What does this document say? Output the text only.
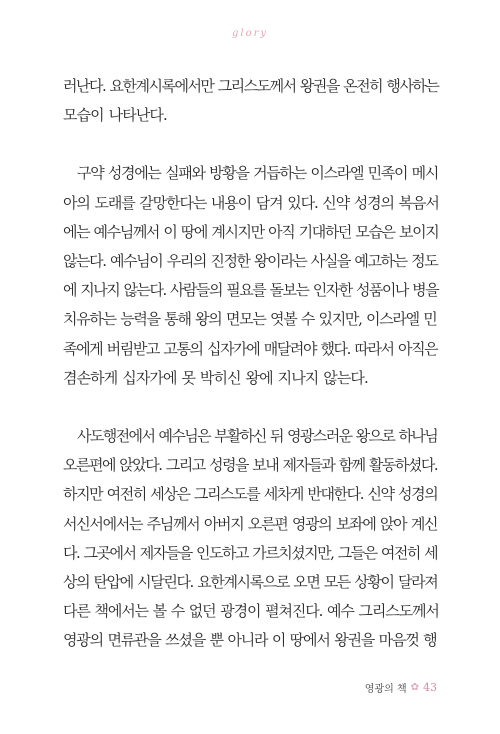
glory
러난다. 요한계시록에서만 그리스도께서 왕권을 온전히 행사하는
모습이 나타난다.
구약 성경에는 실패와 방황을 거듭하는 이스라엘 민족이 메시
아의 도래를 갈망한다는 내용이 담겨 있다. 신약 성경의 복음서
에는 예수님께서 이 땅에 계시지만 아직 기대하던 모습은 보이지
않는다. 예수님이 우리의 진정한 왕이라는 사실을 예고하는 정도
에 지나지 않는다. 사람들의 필요를 돌보는 인자한 성품이나 병을
치유하는 능력을 통해 왕의 면모는 엿볼 수 있지만, 이스라엘 민
족에게 버림받고 고통의 십자가에 매달려야 했다. 따라서 아직은
겸손하게 십자가에 못 박히신 왕에 지나지 않는다.
사도행전에서 예수님은 부활하신 뒤 영광스러운 왕으로 하나님
오른편에 앉았다. 그리고 성령을 보내 제자들과 함께 활동하셨다.
하지만 여전히 세상은 그리스도를 세차게 반대한다. 신약 성경의
서신서에서는 주님께서 아버지 오른편 영광의 보좌에 앉아 계신
다. 그곳에서 제자들을 인도하고 가르치셨지만, 그들은 여전히 세
상의 탄압에 시달린다. 요한계시록으로 오면 모든 상황이 달라져
다른 책에서는 볼 수 없던 광경이 펼쳐진다. 예수 그리스도께서
영광의 면류관을 쓰셨을 뿐 아니라 이 땅에서 왕권을 마음껏 행
영광의 책 ✿ 43
